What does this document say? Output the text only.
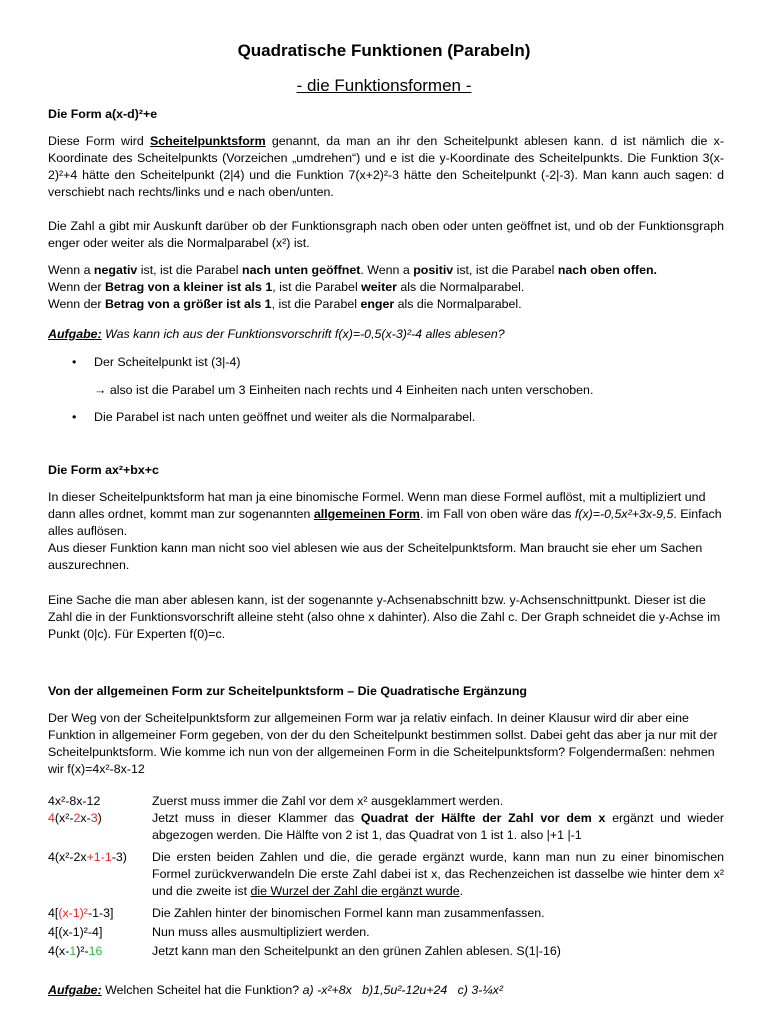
Quadratische Funktionen (Parabeln)
- die Funktionsformen -
Die Form a(x-d)²+e
Diese Form wird Scheitelpunktsform genannt, da man an ihr den Scheitelpunkt ablesen kann. d ist nämlich die x-Koordinate des Scheitelpunkts (Vorzeichen „umdrehen“) und e ist die y-Koordinate des Scheitelpunkts. Die Funktion 3(x-2)²+4 hätte den Scheitelpunkt (2|4) und die Funktion 7(x+2)²-3 hätte den Scheitelpunkt (-2|-3). Man kann auch sagen: d verschiebt nach rechts/links und e nach oben/unten.
Die Zahl a gibt mir Auskunft darüber ob der Funktionsgraph nach oben oder unten geöffnet ist, und ob der Funktionsgraph enger oder weiter als die Normalparabel (x²) ist.
Wenn a negativ ist, ist die Parabel nach unten geöffnet. Wenn a positiv ist, ist die Parabel nach oben offen.
Wenn der Betrag von a kleiner ist als 1, ist die Parabel weiter als die Normalparabel.
Wenn der Betrag von a größer ist als 1, ist die Parabel enger als die Normalparabel.
Aufgabe: Was kann ich aus der Funktionsvorschrift f(x)=-0,5(x-3)²-4 alles ablesen?
• Der Scheitelpunkt ist (3|-4)
→ also ist die Parabel um 3 Einheiten nach rechts und 4 Einheiten nach unten verschoben.
• Die Parabel ist nach unten geöffnet und weiter als die Normalparabel.
Die Form ax²+bx+c
In dieser Scheitelpunktsform hat man ja eine binomische Formel. Wenn man diese Formel auflöst, mit a multipliziert und dann alles ordnet, kommt man zur sogenannten allgemeinen Form. im Fall von oben wäre das f(x)=-0,5x²+3x-9,5. Einfach alles auflösen.
Aus dieser Funktion kann man nicht soo viel ablesen wie aus der Scheitelpunktsform. Man braucht sie eher um Sachen auszurechnen.
Eine Sache die man aber ablesen kann, ist der sogenannte y-Achsenabschnitt bzw. y-Achsenschnittpunkt. Dieser ist die Zahl die in der Funktionsvorschrift alleine steht (also ohne x dahinter). Also die Zahl c. Der Graph schneidet die y-Achse im Punkt (0|c). Für Experten f(0)=c.
Von der allgemeinen Form zur Scheitelpunktsform – Die Quadratische Ergänzung
Der Weg von der Scheitelpunktsform zur allgemeinen Form war ja relativ einfach. In deiner Klausur wird dir aber eine Funktion in allgemeiner Form gegeben, von der du den Scheitelpunkt bestimmen sollst. Dabei geht das aber ja nur mit der Scheitelpunktsform. Wie komme ich nun von der allgemeinen Form in die Scheitelpunktsform? Folgendermaßen: nehmen wir f(x)=4x²-8x-12
4x²-8x-12	Zuerst muss immer die Zahl vor dem x² ausgeklammert werden.
4(x²-2x-3)	Jetzt muss in dieser Klammer das Quadrat der Hälfte der Zahl vor dem x ergänzt und wieder abgezogen werden. Die Hälfte von 2 ist 1, das Quadrat von 1 ist 1. also |+1 |-1
4(x²-2x+1-1-3) Die ersten beiden Zahlen und die, die gerade ergänzt wurde, kann man nun zu einer binomischen Formel zurückverwandeln Die erste Zahl dabei ist x, das Rechenzeichen ist dasselbe wie hinter dem x² und die zweite ist die Wurzel der Zahl die ergänzt wurde.
4[(x-1)²-1-3]	Die Zahlen hinter der binomischen Formel kann man zusammenfassen.
4[(x-1)²-4]	Nun muss alles ausmultipliziert werden.
4(x-1)²-16	Jetzt kann man den Scheitelpunkt an den grünen Zahlen ablesen. S(1|-16)
Aufgabe: Welchen Scheitel hat die Funktion? a) -x²+8x   b)1,5u²-12u+24   c) 3-¼x²
